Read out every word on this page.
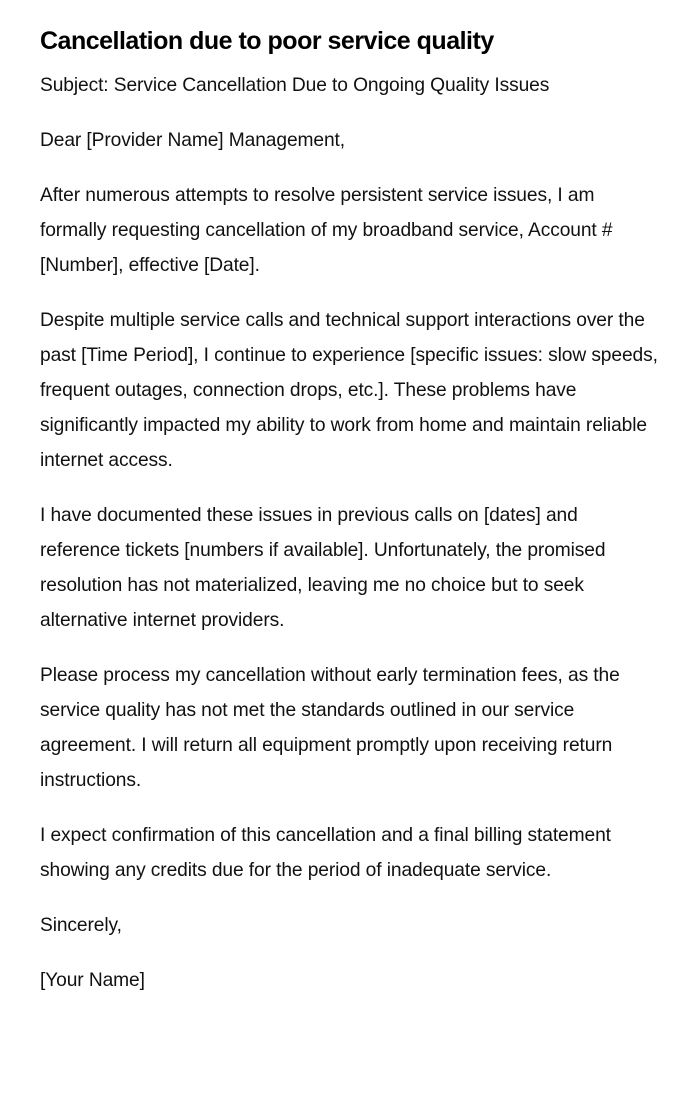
Cancellation due to poor service quality

Subject: Service Cancellation Due to Ongoing Quality Issues

Dear [Provider Name] Management,

After numerous attempts to resolve persistent service issues, I am formally requesting cancellation of my broadband service, Account #[Number], effective [Date].

Despite multiple service calls and technical support interactions over the past [Time Period], I continue to experience [specific issues: slow speeds, frequent outages, connection drops, etc.]. These problems have significantly impacted my ability to work from home and maintain reliable internet access.

I have documented these issues in previous calls on [dates] and reference tickets [numbers if available]. Unfortunately, the promised resolution has not materialized, leaving me no choice but to seek alternative internet providers.

Please process my cancellation without early termination fees, as the service quality has not met the standards outlined in our service agreement. I will return all equipment promptly upon receiving return instructions.

I expect confirmation of this cancellation and a final billing statement showing any credits due for the period of inadequate service.

Sincerely,

[Your Name]
